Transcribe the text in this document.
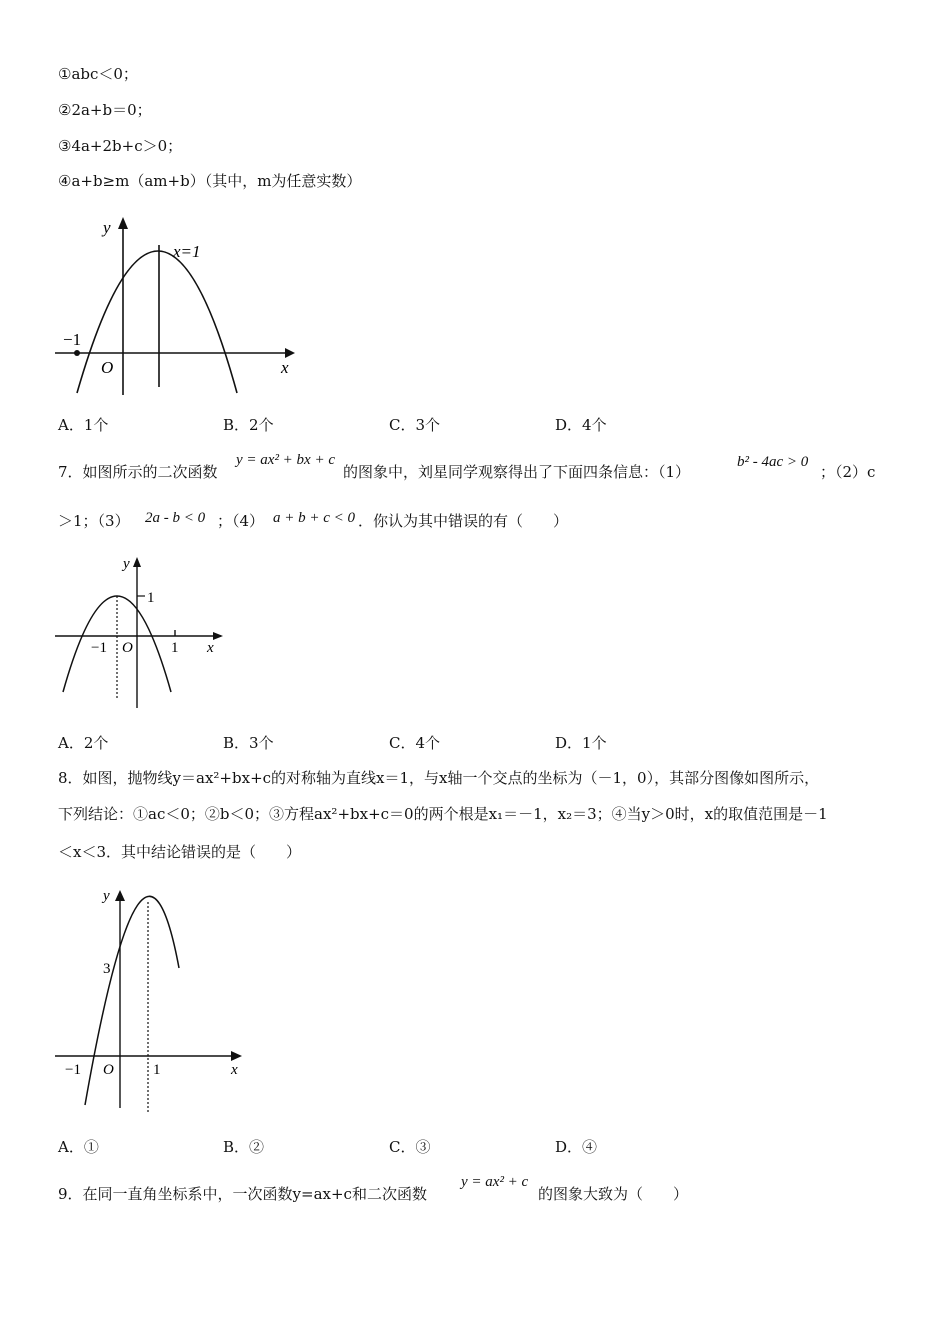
①abc＜0；
②2a+b＝0；
③4a+2b+c＞0；
④a+b≥m（am+b）（其中，m为任意实数）
y
x=1
−1
O	x
A．1个	B．2个	C．3个	D．4个
7．如图所示的二次函数
y = ax² + bx + c
的图象中，刘星同学观察得出了下面四条信息：（1）
b² - 4ac > 0
；（2）c
＞1；（3） 2a - b < 0 ；（4） a + b + c < 0 ．你认为其中错误的有（　　）
y
1
−1 O	1 x
A．2个	B．3个	C．4个	D．1个
8．如图，抛物线y＝ax²+bx+c的对称轴为直线x＝1，与x轴一个交点的坐标为（－1，0），其部分图像如图所示，
下列结论：①ac＜0；②b＜0；③方程ax²+bx+c＝0的两个根是x₁＝－1，x₂＝3；④当y＞0时，x的取值范围是－1
＜x＜3．其中结论错误的是（　　）
y
3
−1 O	1	x
A．①	B．②	C．③	D．④
9．在同一直角坐标系中，一次函数y=ax+c和二次函数
y = ax² + c
的图象大致为（　　）
